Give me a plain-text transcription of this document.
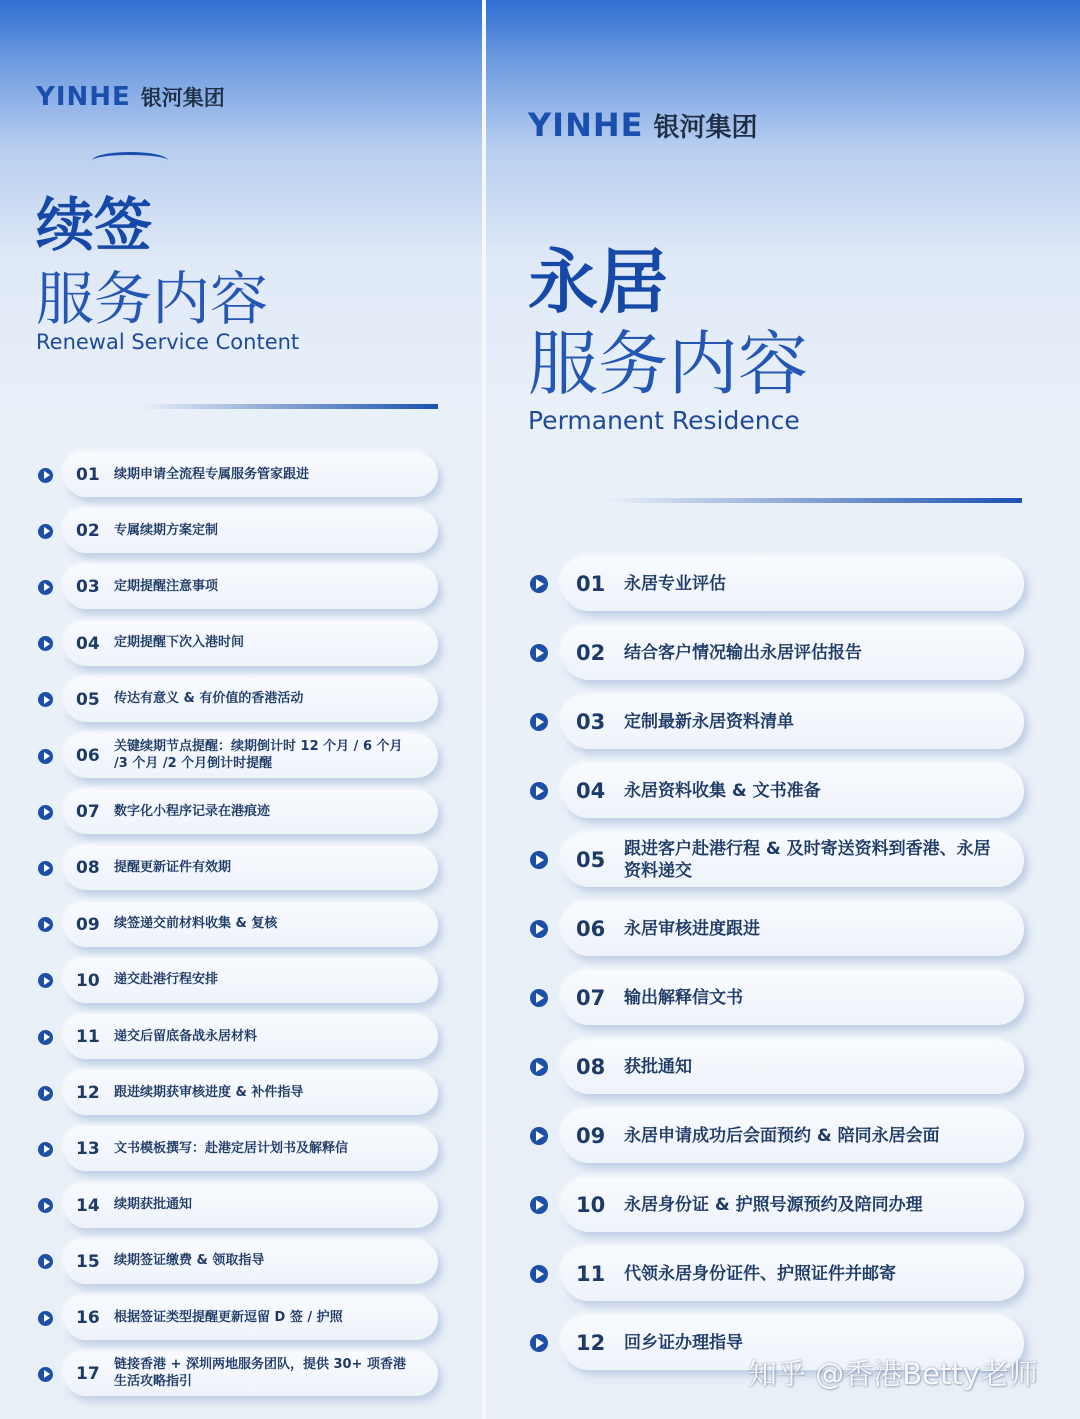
YINHE 银河集团
续签
服务内容
Renewal Service Content
01	续期申请全流程专属服务管家跟进
02	专属续期方案定制
03	定期提醒注意事项
04	定期提醒下次入港时间
05	传达有意义 & 有价值的香港活动
06	关键续期节点提醒：续期倒计时 12 个月 / 6 个月 /3 个月 /2 个月倒计时提醒
07	数字化小程序记录在港痕迹
08	提醒更新证件有效期
09	续签递交前材料收集 & 复核
10	递交赴港行程安排
11	递交后留底备战永居材料
12	跟进续期获审核进度 & 补件指导
13	文书模板撰写：赴港定居计划书及解释信
14	续期获批通知
15	续期签证缴费 & 领取指导
16	根据签证类型提醒更新逗留 D 签 / 护照
17	链接香港 + 深圳两地服务团队，提供 30+ 项香港生活攻略指引
YINHE 银河集团
永居
服务内容
Permanent Residence
01	永居专业评估
02	结合客户情况输出永居评估报告
03	定制最新永居资料清单
04	永居资料收集 & 文书准备
05	跟进客户赴港行程 & 及时寄送资料到香港、永居资料递交
06	永居审核进度跟进
07	输出解释信文书
08	获批通知
09	永居申请成功后会面预约 & 陪同永居会面
10	永居身份证 & 护照号源预约及陪同办理
11	代领永居身份证件、护照证件并邮寄
12	回乡证办理指导
知乎 @香港Betty老师
